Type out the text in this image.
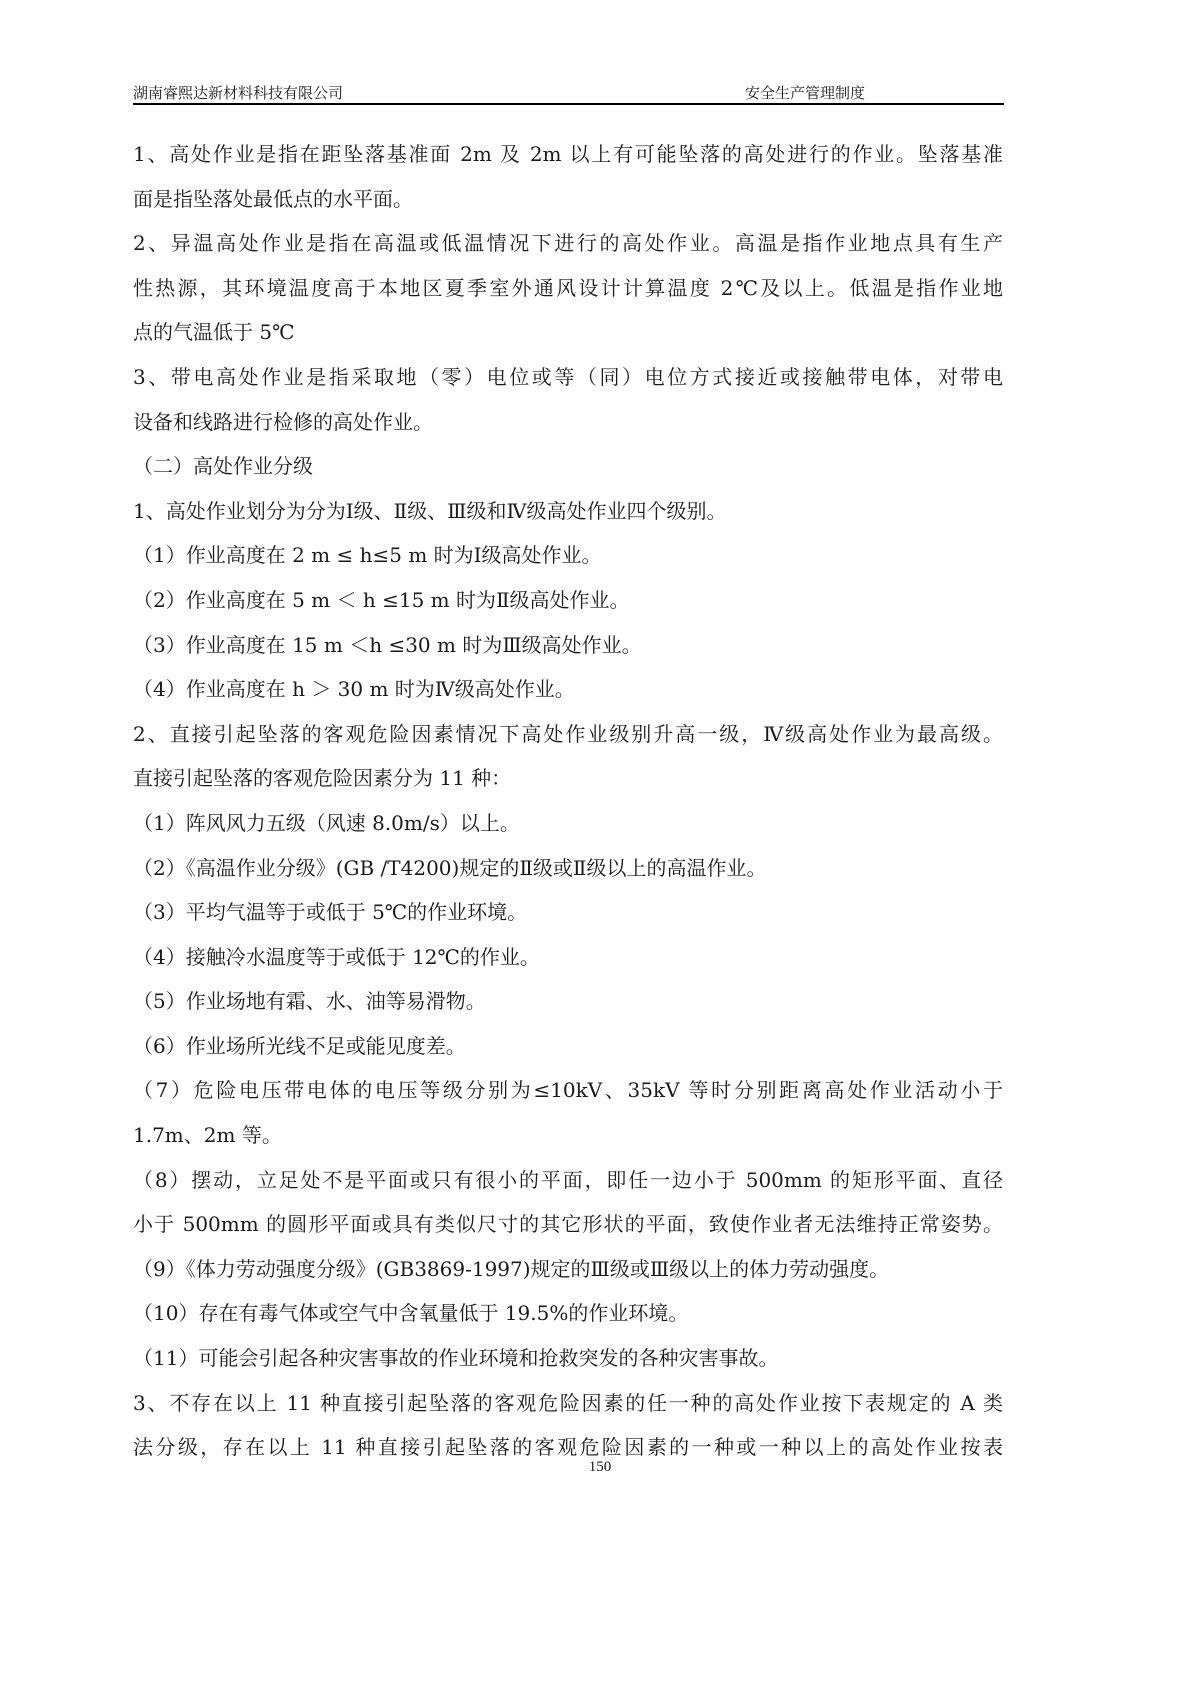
湖南睿熙达新材料科技有限公司	安全生产管理制度

1、高处作业是指在距坠落基准面 2m 及 2m 以上有可能坠落的高处进行的作业。坠落基准

面是指坠落处最低点的水平面。

2、异温高处作业是指在高温或低温情况下进行的高处作业。高温是指作业地点具有生产

性热源，其环境温度高于本地区夏季室外通风设计计算温度 2℃及以上。低温是指作业地

点的气温低于 5℃

3、带电高处作业是指采取地（零）电位或等（同）电位方式接近或接触带电体，对带电

设备和线路进行检修的高处作业。

（二）高处作业分级

1、高处作业划分为分为Ⅰ级、Ⅱ级、Ⅲ级和Ⅳ级高处作业四个级别。

（1）作业高度在 2 m ≤ h≤5 m 时为Ⅰ级高处作业。

（2）作业高度在 5 m ＜ h ≤15 m 时为Ⅱ级高处作业。

（3）作业高度在 15 m ＜h ≤30 m 时为Ⅲ级高处作业。

（4）作业高度在 h ＞ 30 m 时为Ⅳ级高处作业。

2、直接引起坠落的客观危险因素情况下高处作业级别升高一级，Ⅳ级高处作业为最高级。

直接引起坠落的客观危险因素分为 11 种：

（1）阵风风力五级（风速 8.0m/s）以上。

（2）《高温作业分级》(GB /T4200)规定的Ⅱ级或Ⅱ级以上的高温作业。

（3）平均气温等于或低于 5℃的作业环境。

（4）接触冷水温度等于或低于 12℃的作业。

（5）作业场地有霜、水、油等易滑物。

（6）作业场所光线不足或能见度差。

（7）危险电压带电体的电压等级分别为≤10kV、35kV 等时分别距离高处作业活动小于

1.7m、2m 等。

（8）摆动，立足处不是平面或只有很小的平面，即任一边小于 500mm 的矩形平面、直径

小于 500mm 的圆形平面或具有类似尺寸的其它形状的平面，致使作业者无法维持正常姿势。

（9）《体力劳动强度分级》(GB3869-1997)规定的Ⅲ级或Ⅲ级以上的体力劳动强度。

（10）存在有毒气体或空气中含氧量低于 19.5%的作业环境。

（11）可能会引起各种灾害事故的作业环境和抢救突发的各种灾害事故。

3、不存在以上 11 种直接引起坠落的客观危险因素的任一种的高处作业按下表规定的 A 类

法分级，存在以上 11 种直接引起坠落的客观危险因素的一种或一种以上的高处作业按表

150
